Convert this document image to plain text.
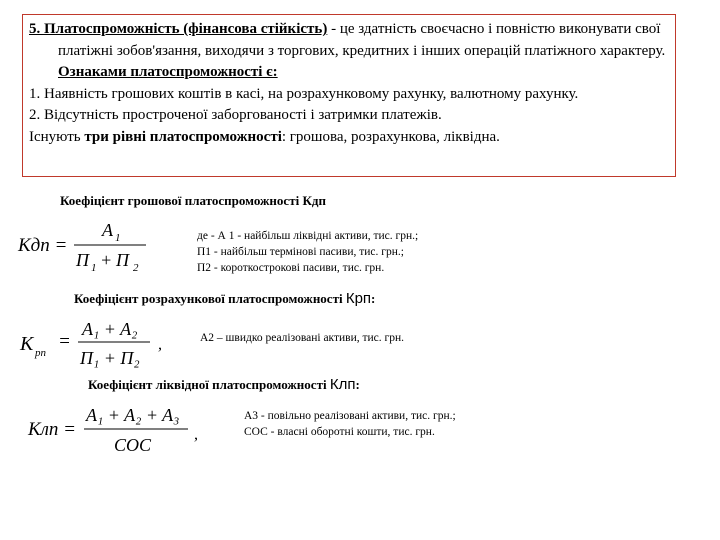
5. Платоспроможність (фінансова стійкість) - це здатність своєчасно і повністю виконувати свої платіжні зобов'язання, виходячи з торгових, кредитних і інших операцій платіжного характеру. Ознаками платоспроможності є:

1. Наявність грошових коштів в касі, на розрахунковому рахунку, валютному рахунку.

2. Відсутність простроченої заборгованості і затримки платежів.

Існують три рівні платоспроможності: грошова, розрахункова, ліквідна.

Коефіцієнт грошової платоспроможності Кдп
Кдп =
A 1
П 1 + П 2

де - А 1 - найбільш ліквідні активи, тис. грн.;

П1 - найбільш термінові пасиви, тис. грн.;

П2 - короткострокові пасиви, тис. грн.

Коефіцієнт розрахункової платоспроможності Крп:
K рп
=
A₁ + A₂
П₁ + П₂
,	А2 – швидко реалізовані активи, тис. грн.

Коефіцієнт ліквідної платоспроможності Клп:
Клп =
A₁ + A₂ + A₃
COC
,

А3 - повільно реалізовані активи, тис. грн.;

СОС - власні оборотні кошти, тис. грн.
